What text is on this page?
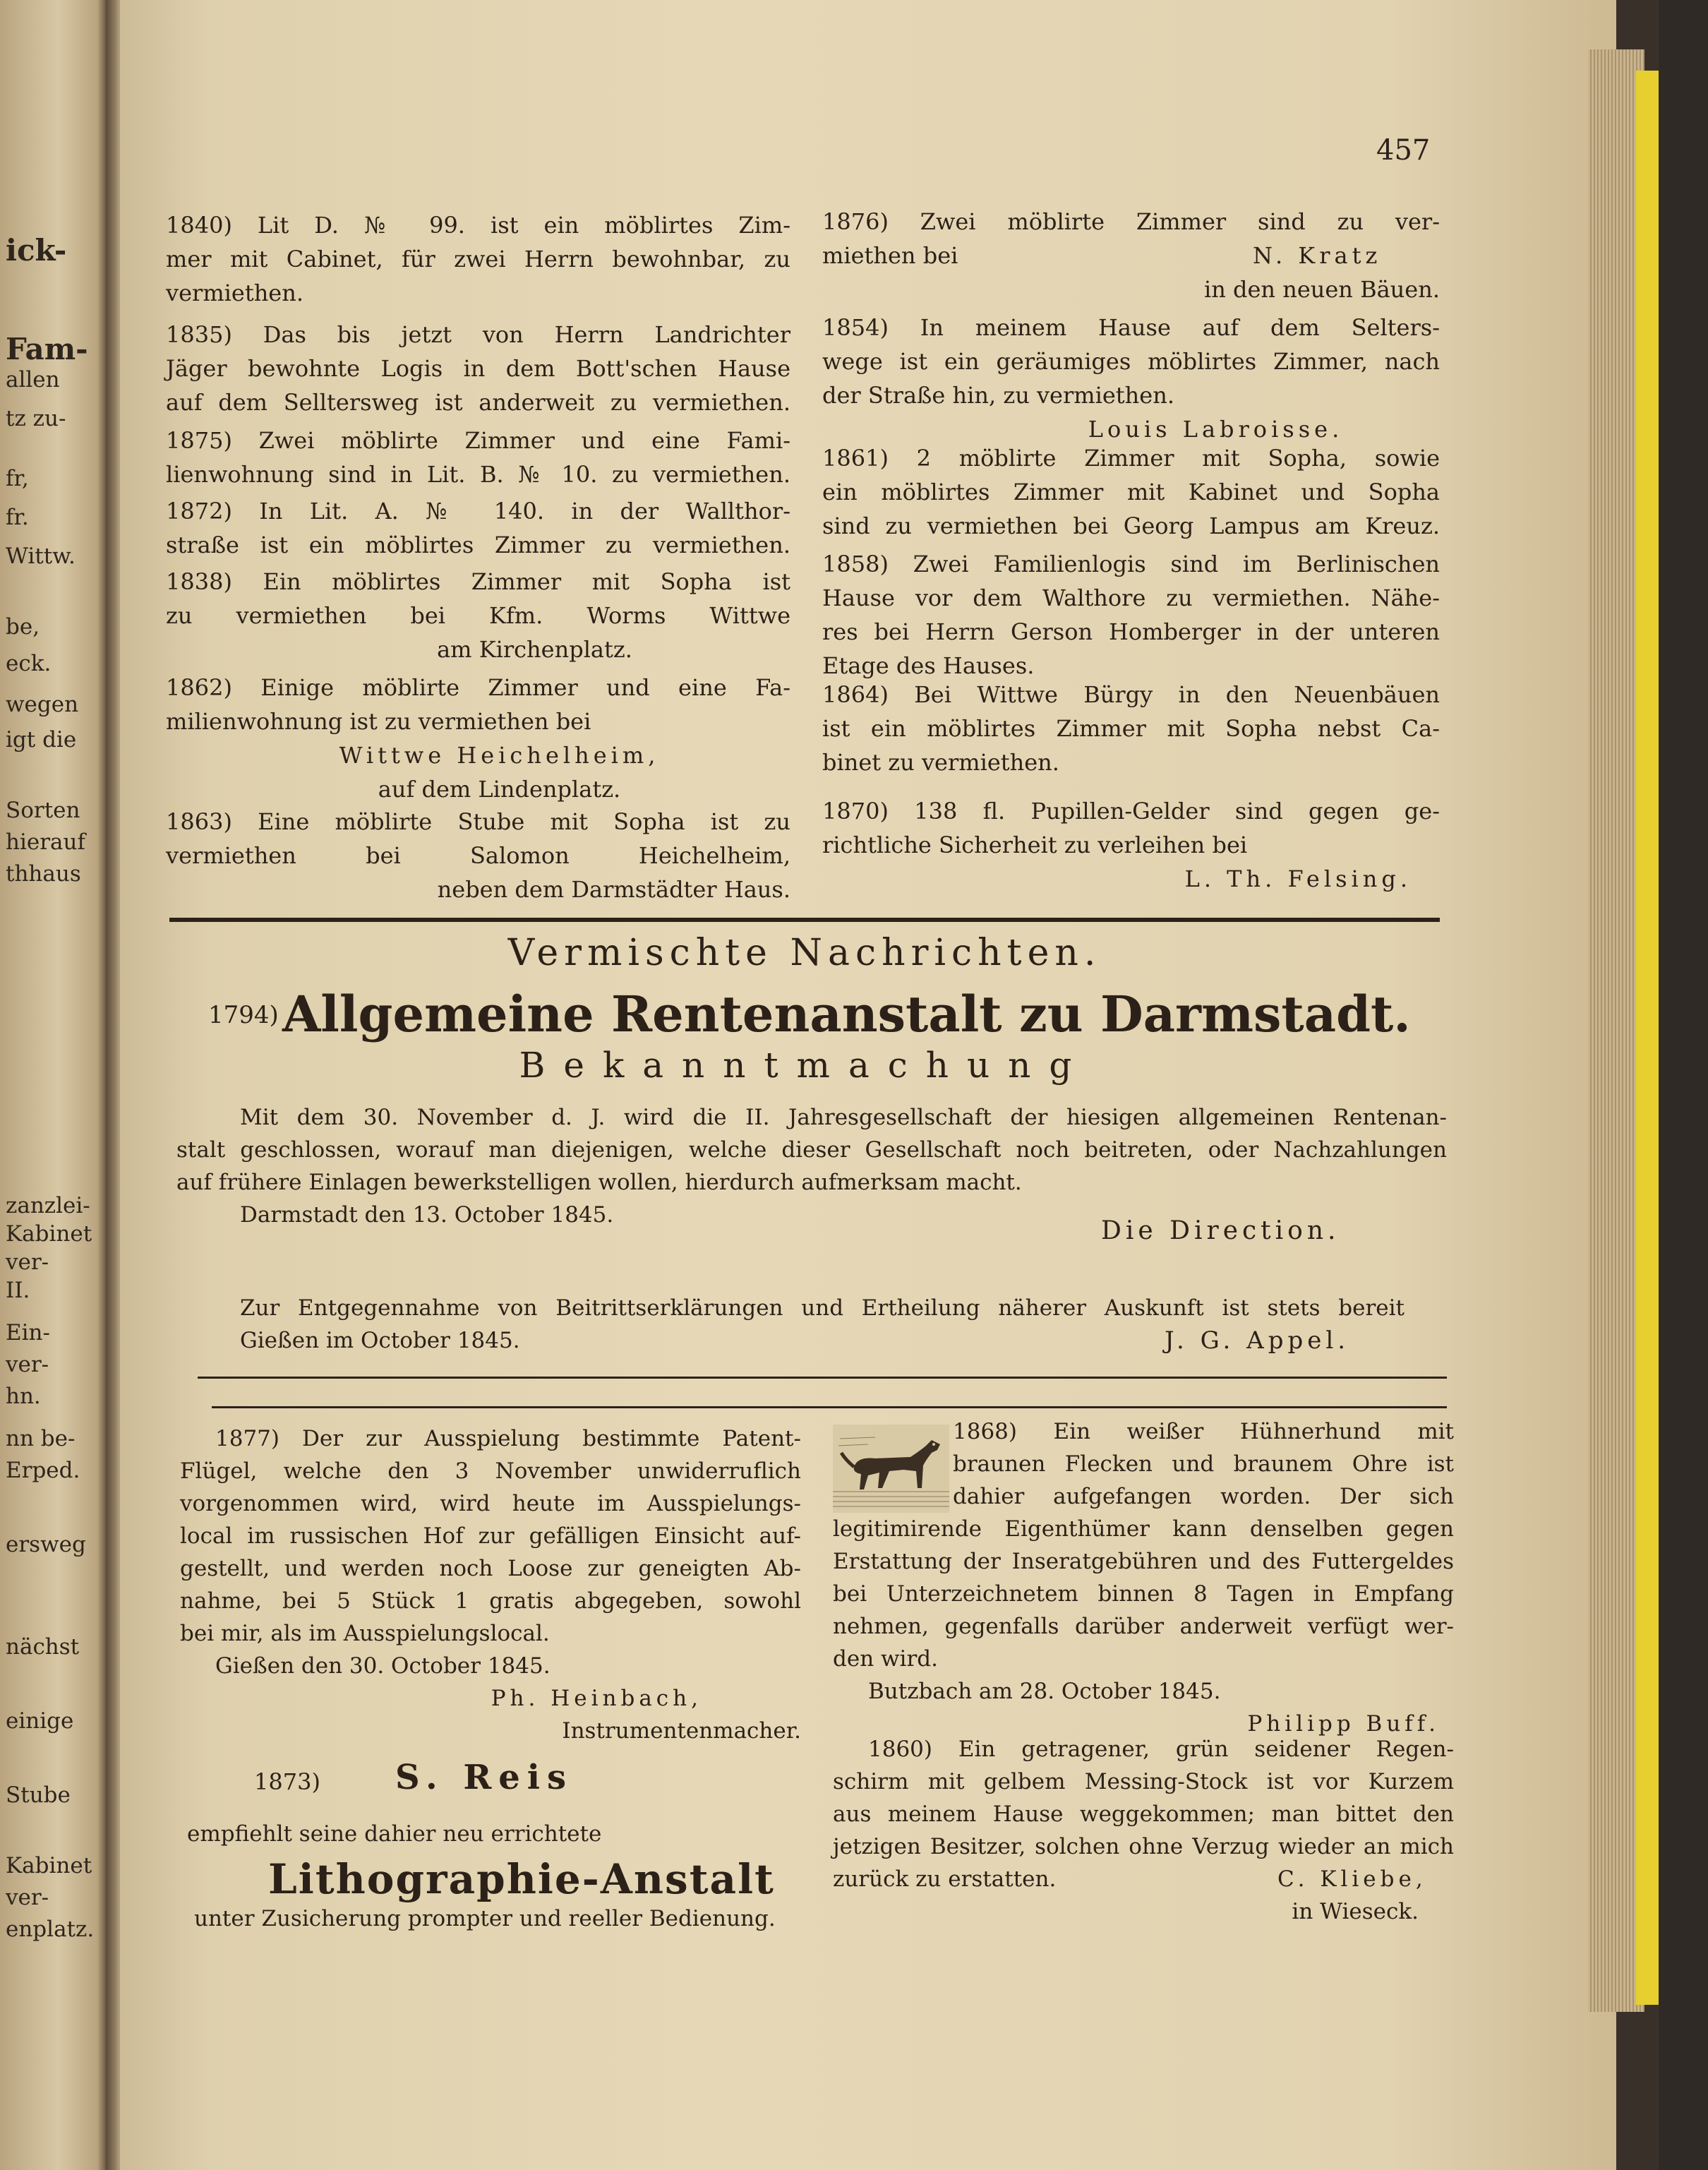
ick-
Fam-
allen
tz zu-
fr,
fr.
Wittw.
be,
eck.
wegen
igt die
Sorten
hierauf
thhaus
zanzlei-
Kabinet
ver-
II.
Ein-
ver-
hn.
nn be-
Erped.
ersweg
nächst
einige
Stube
Kabinet
ver-
enplatz.
457
1840) Lit D. № 99. ist ein möblirtes Zim-
mer mit Cabinet, für zwei Herrn bewohnbar, zu
vermiethen.
1835) Das bis jetzt von Herrn Landrichter
Jäger bewohnte Logis in dem Bott'schen Hause
auf dem Selltersweg ist anderweit zu vermiethen.
1875) Zwei möblirte Zimmer und eine Fami-
lienwohnung sind in Lit. B. № 10. zu vermiethen.
1872) In Lit. A. № 140. in der Wallthor-
straße ist ein möblirtes Zimmer zu vermiethen.
1838) Ein möblirtes Zimmer mit Sopha ist
zu vermiethen bei Kfm. Worms Wittwe
am Kirchenplatz.
1862) Einige möblirte Zimmer und eine Fa-
milienwohnung ist zu vermiethen bei
Wittwe Heichelheim,
auf dem Lindenplatz.
1863) Eine möblirte Stube mit Sopha ist zu
vermiethen bei Salomon Heichelheim,
neben dem Darmstädter Haus.
1876) Zwei möblirte Zimmer sind zu ver-
miethen bei	N. Kratz
in den neuen Bäuen.
1854) In meinem Hause auf dem Selters-
wege ist ein geräumiges möblirtes Zimmer, nach
der Straße hin, zu vermiethen.
Louis Labroisse.
1861) 2 möblirte Zimmer mit Sopha, sowie
ein möblirtes Zimmer mit Kabinet und Sopha
sind zu vermiethen bei Georg Lampus am Kreuz.
1858) Zwei Familienlogis sind im Berlinischen
Hause vor dem Walthore zu vermiethen. Nähe-
res bei Herrn Gerson Homberger in der unteren
Etage des Hauses.
1864) Bei Wittwe Bürgy in den Neuenbäuen
ist ein möblirtes Zimmer mit Sopha nebst Ca-
binet zu vermiethen.
1870) 138 fl. Pupillen-Gelder sind gegen ge-
richtliche Sicherheit zu verleihen bei
L. Th. Felsing.
Vermischte Nachrichten.
1794) Allgemeine Rentenanstalt zu Darmstadt.
Bekanntmachung
Mit dem 30. November d. J. wird die II. Jahresgesellschaft der hiesigen allgemeinen Rentenan-
stalt geschlossen, worauf man diejenigen, welche dieser Gesellschaft noch beitreten, oder Nachzahlungen
auf frühere Einlagen bewerkstelligen wollen, hierdurch aufmerksam macht.
Darmstadt den 13. October 1845.
Die Direction.
Zur Entgegennahme von Beitrittserklärungen und Ertheilung näherer Auskunft ist stets bereit
Gießen im October 1845.	J. G. Appel.
1877) Der zur Ausspielung bestimmte Patent-
Flügel, welche den 3 November unwiderruflich
vorgenommen wird, wird heute im Ausspielungs-
local im russischen Hof zur gefälligen Einsicht auf-
gestellt, und werden noch Loose zur geneigten Ab-
nahme, bei 5 Stück 1 gratis abgegeben, sowohl
bei mir, als im Ausspielungslocal.
Gießen den 30. October 1845.
Ph. Heinbach,
Instrumentenmacher.
1873) S. Reis
empfiehlt seine dahier neu errichtete
Lithographie-Anstalt
unter Zusicherung prompter und reeller Bedienung.
1868) Ein weißer Hühnerhund mit
braunen Flecken und braunem Ohre ist
dahier aufgefangen worden. Der sich
legitimirende Eigenthümer kann denselben gegen
Erstattung der Inseratgebühren und des Futtergeldes
bei Unterzeichnetem binnen 8 Tagen in Empfang
nehmen, gegenfalls darüber anderweit verfügt wer-
den wird.
Butzbach am 28. October 1845.
Philipp Buff.
1860) Ein getragener, grün seidener Regen-
schirm mit gelbem Messing-Stock ist vor Kurzem
aus meinem Hause weggekommen; man bittet den
jetzigen Besitzer, solchen ohne Verzug wieder an mich
zurück zu erstatten.	C. Kliebe,
in Wieseck.
